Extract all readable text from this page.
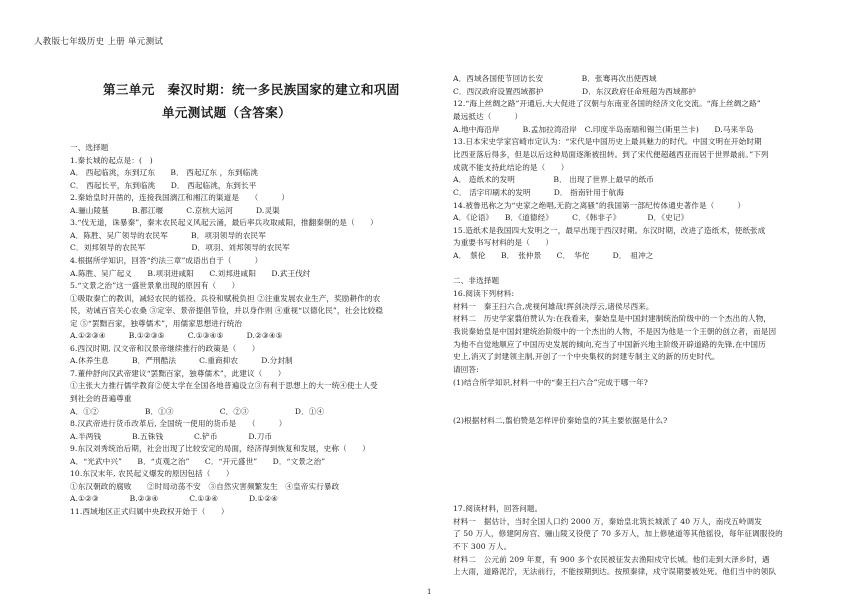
人教版七年级历史 上册 单元测试
第三单元　秦汉时期：统一多民族国家的建立和巩固
单元测试题（含答案）
一、选择题
1.秦长城的起点是：(　)
A． 西起临洮，东到辽东　　B． 西起辽东 ，东到临洮
C． 西起长平，东到临洮　　D． 西起临洮，东到长平
2.秦始皇时开凿的，连接我国漓江和湘江的渠道是　　（　　　）
A.骊山陵墓　　　B.都江堰　　　C.京杭大运河　　　D.灵渠
3.“伐无道，诛暴秦”，秦末农民起义风起云涌，最后率兵攻取咸阳，推翻秦朝的是（　　）
A．陈胜、吴广领导的农民军　　　B．项羽领导的农民军
C．刘邦领导的农民军　　　　　　D．项羽、刘邦领导的农民军
4.根据所学知识，回答“约法三章”成语出自于（　　　）
A.陈胜、吴广起义　　B.项羽进咸阳　　C.刘邦进咸阳　　D.武王伐纣
5.“文景之治”这一盛世景象出现的原因有（　　）
①吸取秦亡的教训，减轻农民的徭役、兵役和赋税负担 ②注重发展农业生产，奖励耕作的农
民，劝诫百官关心农桑 ③定宰、景帝提倡节俭，并以身作则 ④重视“以德化民”，社会比较稳
定 ⑤“罢黜百家，独尊儒术”，用儒家思想进行统治
A.①②③④　　　B.①②③⑤　　　C.①③④⑤　　　D.②③④⑤
6.西汉时期, 汉文帝和汉景帝继续推行的政策是（　　）
A.休养生息　　　B．严刑酷法　　　C.重商抑农　　　D.分封制
7.董仲舒向汉武帝建议“罢黜百家，独尊儒术”，此建议（　　）
①主张大力推行儒学教育②使太学在全国各地普遍设立③有利于思想上的大一统④使士人受
到社会的普遍尊重
A．①②　　　　　　B．①③　　　　　　C．②③　　　　　　D．①④
8.汉武帝进行货币改革后, 全国统一使用的货币是　　（　　　）
A.半两钱　　　　B.五铢钱　　　　C.铲币　　　　D.刀币
9.东汉刘秀统治后期，社会出现了比较安定的局面，经济得到恢复和发展，史称（　　）
A．“光武中兴”　　B．“贞观之治”　　C．“开元盛世”　　D．“文景之治”
10.东汉末年, 农民起义爆发的原因包括（　　）
①东汉朝政的腐败　　②时局动荡不安　③自然灾害频繁发生　④皇帝实行暴政
A.①②③　　　　B.②③④　　　　C.①③④　　　　D.①②④
11.西域地区正式归属中央政权开始于（　　）
A．西域各国使节回访长安　　　　　B．张骞再次出使西域
C．西汉政府设置西域都护　　　　　D．东汉政府任命班超为西域都护
12.“海上丝绸之路”开通后,大大促进了汉朝与东南亚各国的经济文化交流。“海上丝绸之路”
最远抵达（　　　）
A.地中海沿岸　　　B.孟加拉湾沿岸　C.印度半岛南端和锡兰(斯里兰卡)　　D.马来半岛
13.日本宋史学家宫崎市定认为：“宋代是中国历史上最具魅力的时代。中国文明在开始时期
比西亚落后得多，但是以后这种局面逐渐被扭转。到了宋代便超越西亚而居于世界最前。”下列
成就不能支持此结论的是（　　）
A． 造纸术的发明　　　　　B． 出现了世界上最早的纸币
C． 活字印刷术的发明　　　D． 指南针用于航海
14.被鲁迅称之为“史家之绝唱,无韵之离骚”的我国第一部纪传体通史著作是（　　　）
A．《论语》　　B．《道德经》　　　C．《韩非子》　　　　D．《史记》
15.造纸术是我国四大发明之一，最早出现于西汉时期。东汉时期，改进了造纸术，使纸张成
为重要书写材料的是（　　）
A．　蔡伦　　B．　张仲景　　C．　华佗　　　D．　祖冲之
二、非选择题
16.阅读下列材料:
材料一　秦王扫六合,虎视何雄哉!挥剑决浮云,诸侯尽西来。
材料二　历史学家翦伯赞认为:在我看来，秦始皇是中国封建制统治阶级中的一个杰出的人物，
我说秦始皇是中国封建统治阶级中的一个杰出的人物，不是因为他是一个王朝的创立者，而是因
为他不自觉地顺应了中国历史发展的倾向,充当了中国新兴地主阶级开辟道路的先锋,在中国历
史上,消灭了封建领主制,开创了一个中央集权的封建专制主义的新的历史时代。
请回答:
(1)结合所学知识,材料一中的“秦王扫六合”完成于哪一年?
(2)根据材料二,翦伯赞是怎样评价秦始皇的?其主要依据是什么?
17.阅读材料，回答问题。
材料一　据估计，当时全国人口约 2000 万，秦始皇北筑长城派了 40 万人，南戍五岭调发
了 50 万人，修建阿房宫、骊山陵又役使了 70 多万人，加上修驰道等其他徭役，每年征调服役的
不下 300 万人。
材料二　公元前 209 年夏，有 900 多个农民被征发去渔阳戍守长城。他们走到大泽乡时，遇
上大雨，道路泥泞，无法前行，不能按期到达。按照秦律，戍守误期要被处死。他们当中的领队
1
